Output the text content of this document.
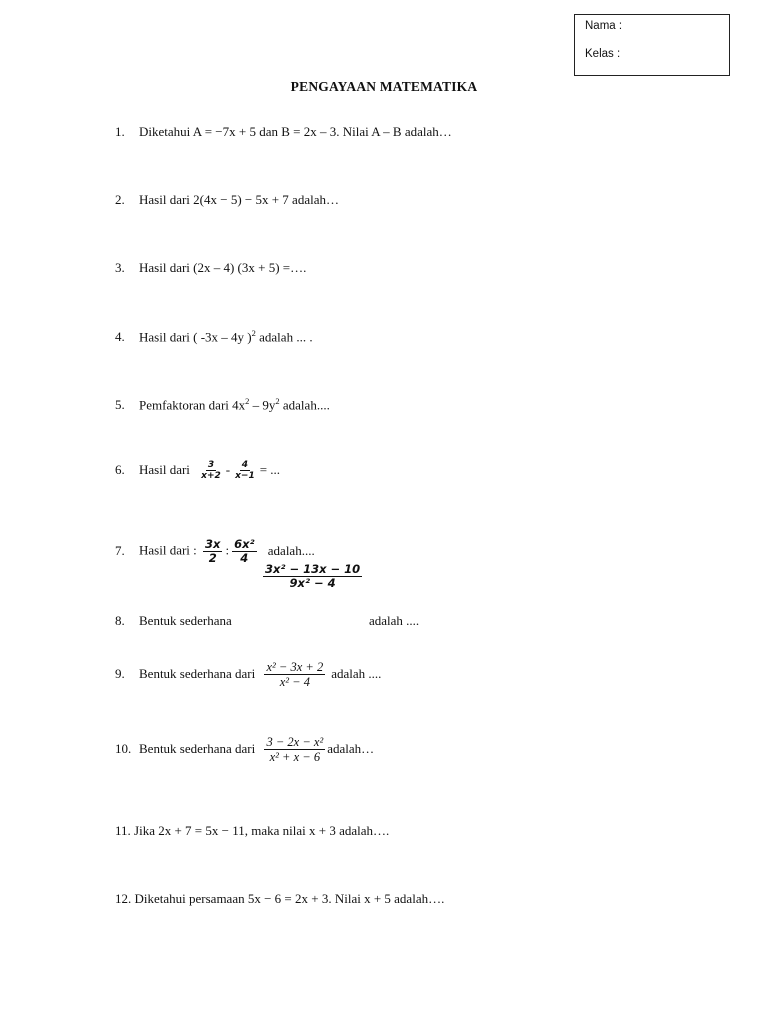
Nama :
Kelas :
PENGAYAAN MATEMATIKA
1. Diketahui A = −7x + 5 dan B = 2x – 3. Nilai A – B adalah…
2. Hasil dari 2(4x − 5) − 5x + 7 adalah…
3. Hasil dari (2x – 4) (3x + 5) =….
4. Hasil dari ( -3x – 4y )$^2$ adalah ... .
5. Pemfaktoran dari $4x^2 - 9y^2$ adalah....
6. Hasil dari $\frac{3}{x+2} - \frac{4}{x-1}$ = ...
7. Hasil dari : $\frac{3x}{2}$ : $\frac{\text{6x²}}{4}$ adalah....
$\frac{\text{3x² − 13x − 10}}{\text{9x² − 4}}$
8. Bentuk sederhana	adalah ....
9. Bentuk sederhana dari $\frac{\text{x² − 3x + 2}}{\text{x² − 4}}$ adalah ....
10. Bentuk sederhana dari $\frac{\text{3 − 2x − x²}}{\text{x² + x − 6}}$ adalah…
11. Jika 2x + 7 = 5x − 11, maka nilai x + 3 adalah….
12. Diketahui persamaan 5x − 6 = 2x + 3. Nilai x + 5 adalah….
